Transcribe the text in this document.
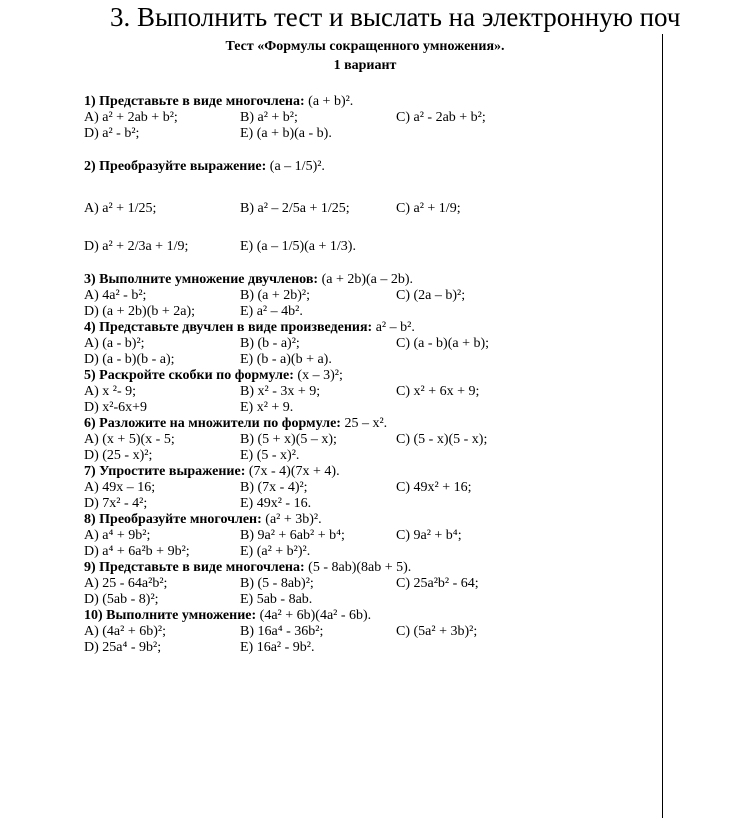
3. Выполнить тест и выслать на электронную поч
Тест «Формулы сокращенного умножения».
1 вариант
1) Представьте в виде многочлена: (a + b)².
A) a² + 2ab + b²;	B) a² + b²;	C) a² - 2ab + b²;
D) a² - b²;	E) (a + b)(a - b).
2) Преобразуйте выражение: (a – 1/5)².
A) a² + 1/25;	B) a² – 2/5a + 1/25;	C) a² + 1/9;
D) a² + 2/3a + 1/9;	E) (a – 1/5)(a + 1/3).
3) Выполните умножение двучленов: (a + 2b)(a – 2b).
A) 4a² - b²;	B) (a + 2b)²;	C) (2a – b)²;
D) (a + 2b)(b + 2a);	E) a² – 4b².
4) Представьте двучлен в виде произведения: a² – b².
A) (a - b)²;	B) (b - a)²;	C) (a - b)(a + b);
D) (a - b)(b - a);	E) (b - a)(b + a).
5) Раскройте скобки по формуле: (x – 3)²;
A) x ²- 9;	B) x² - 3x + 9;	C) x² + 6x + 9;
D) x²-6x+9	E) x² + 9.
6) Разложите на множители по формуле: 25 – x².
A) (x + 5)(x - 5;	B) (5 + x)(5 – x);	C) (5 - x)(5 - x);
D) (25 - x)²;	E) (5 - x)².
7) Упростите выражение: (7x - 4)(7x + 4).
A) 49x – 16;	B) (7x - 4)²;	C) 49x² + 16;
D) 7x² - 4²;	E) 49x² - 16.
8) Преобразуйте многочлен: (a² + 3b)².
A) a⁴ + 9b²;	B) 9a² + 6ab² + b⁴;	C) 9a² + b⁴;
D) a⁴ + 6a²b + 9b²;	E) (a² + b²)².
9) Представьте в виде многочлена: (5 - 8ab)(8ab + 5).
A) 25 - 64a²b²;	B) (5 - 8ab)²;	C) 25a²b² - 64;
D) (5ab - 8)²;	E) 5ab - 8ab.
10) Выполните умножение: (4a² + 6b)(4a² - 6b).
A) (4a² + 6b)²;	B) 16a⁴ - 36b²;	C) (5a² + 3b)²;
D) 25a⁴ - 9b²;	E) 16a² - 9b².
